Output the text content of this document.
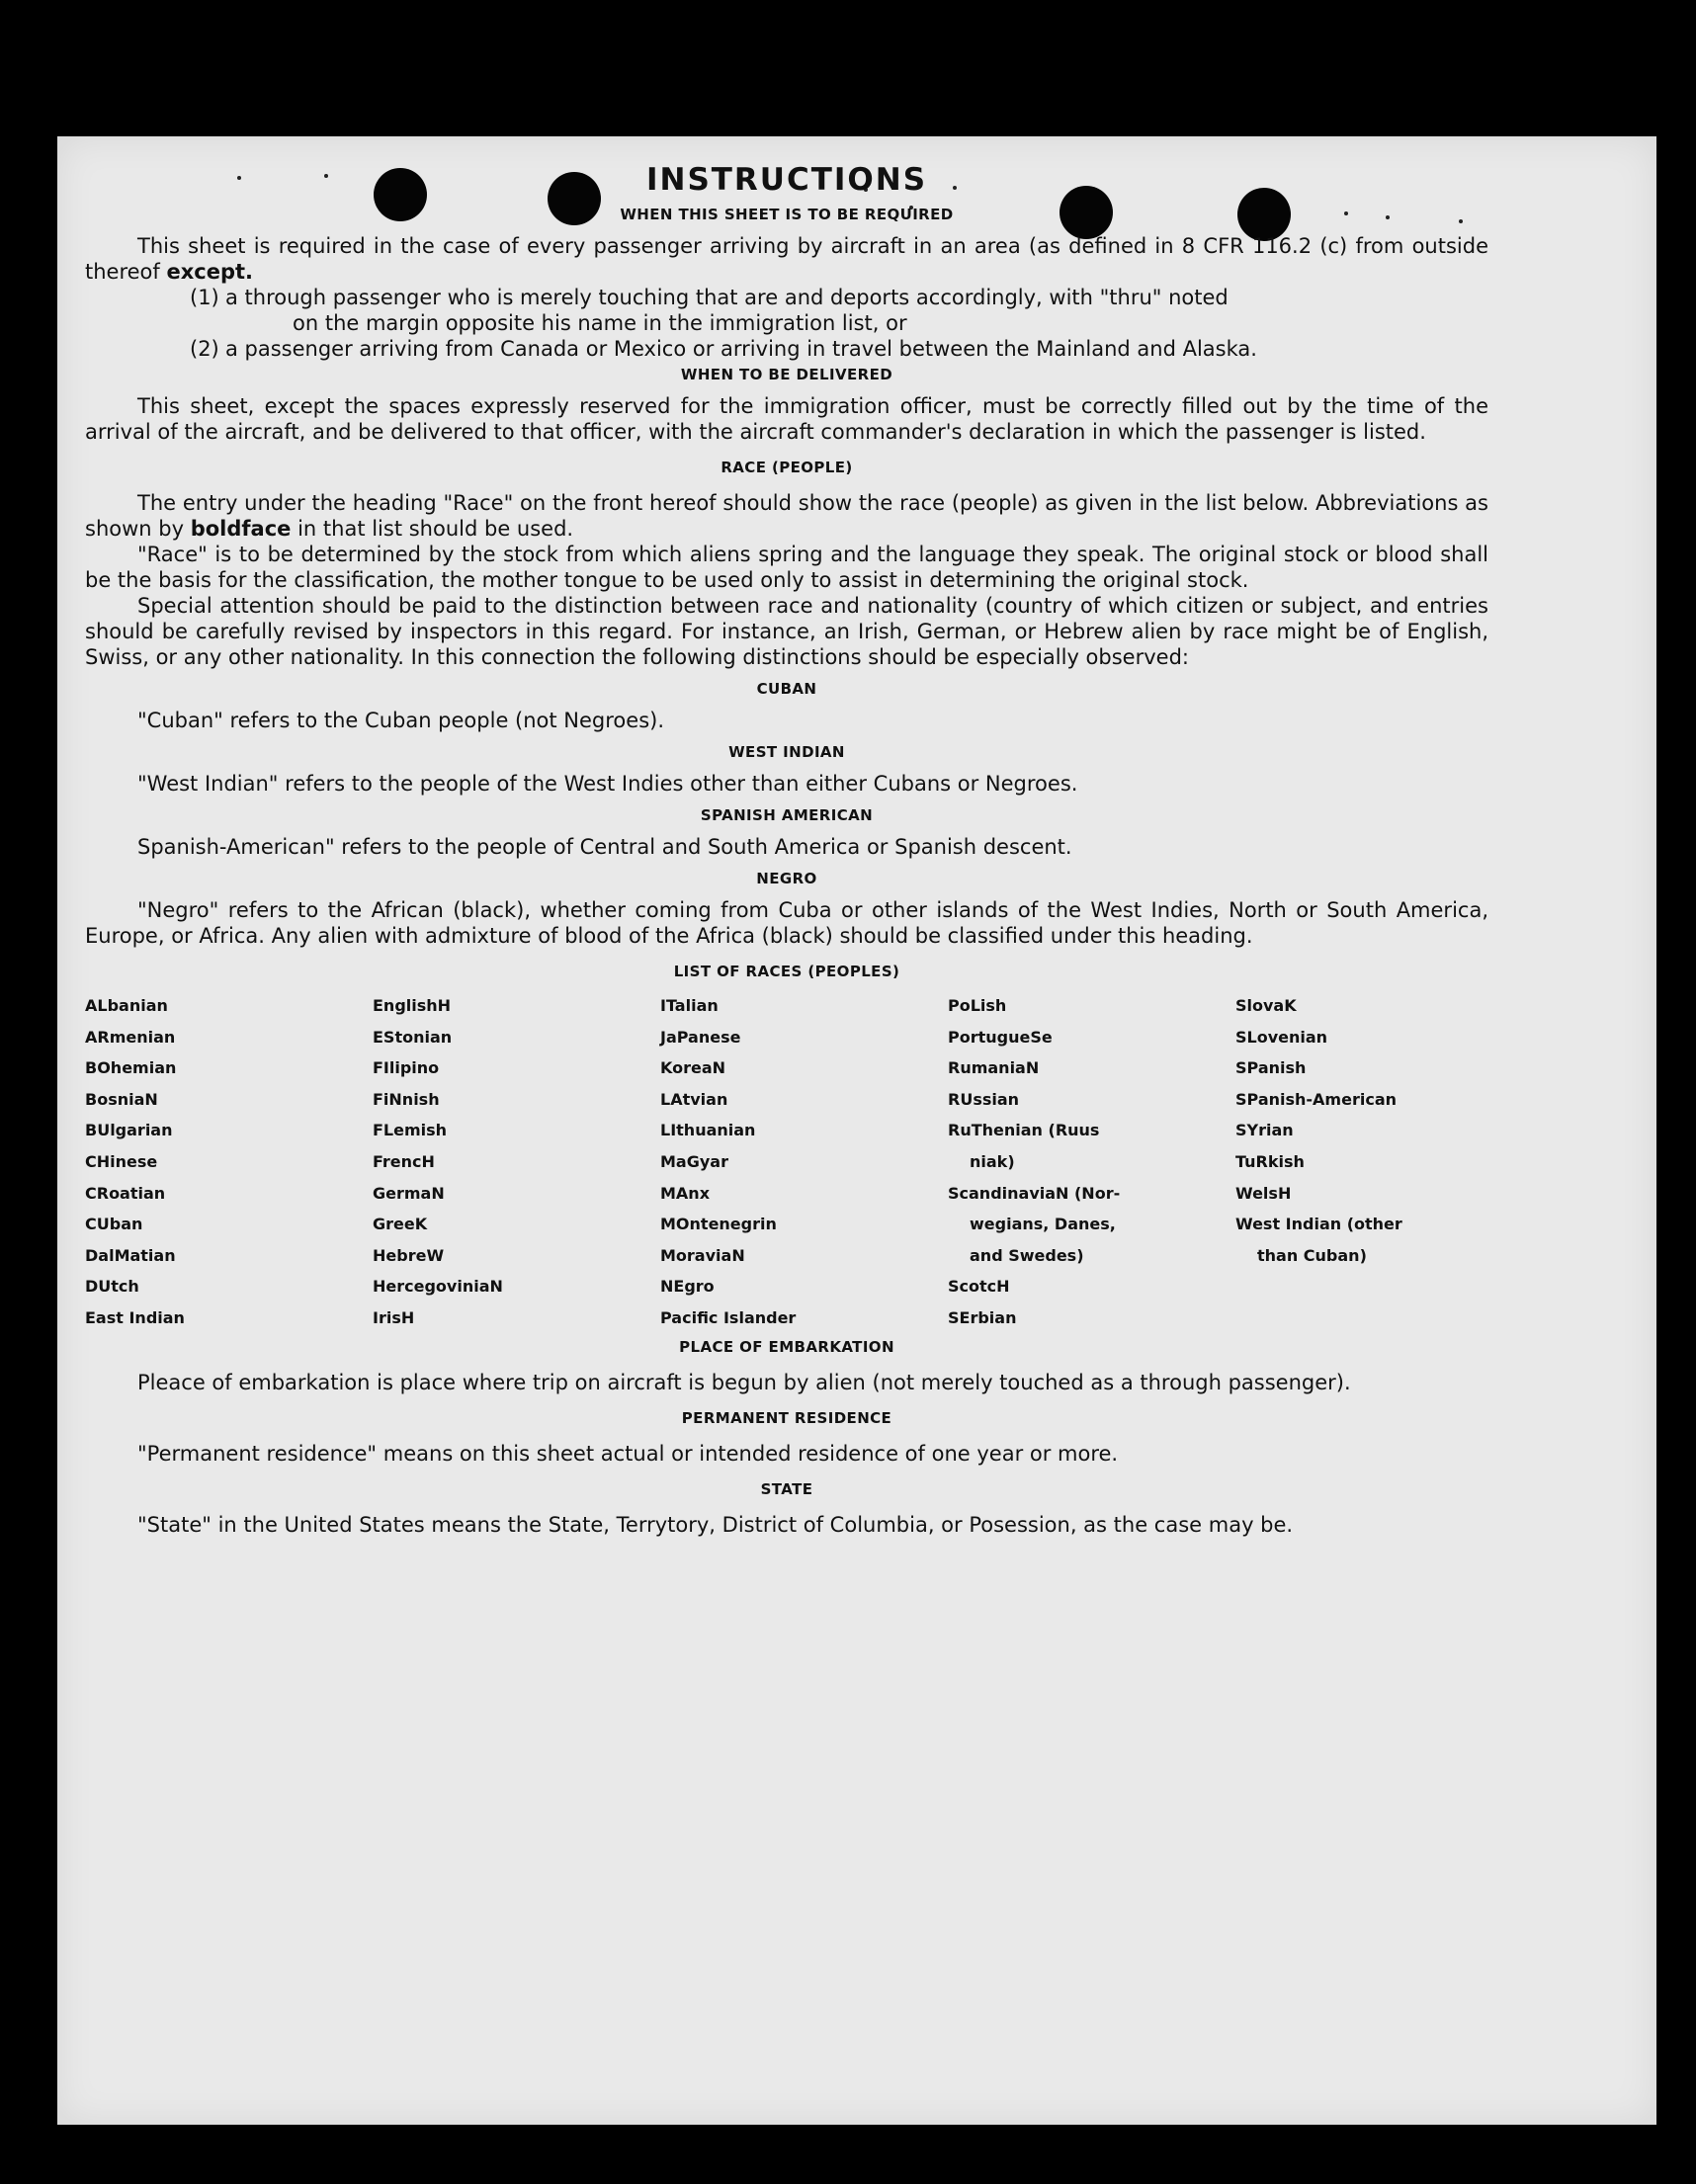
INSTRUCTIONS
WHEN THIS SHEET IS TO BE REQUIRED

This sheet is required in the case of every passenger arriving by aircraft in an area (as defined in 8 CFR 116.2 (c) from outside thereof except.

(1) a through passenger who is merely touching that are and deports accordingly, with "thru" noted

on the margin opposite his name in the immigration list, or

(2) a passenger arriving from Canada or Mexico or arriving in travel between the Mainland and Alaska.

WHEN TO BE DELIVERED

This sheet, except the spaces expressly reserved for the immigration officer, must be correctly filled out by the time of the arrival of the aircraft, and be delivered to that officer, with the aircraft commander's declaration in which the passenger is listed.

RACE (PEOPLE)

The entry under the heading "Race" on the front hereof should show the race (people) as given in the list below. Abbreviations as shown by boldface in that list should be used.

"Race" is to be determined by the stock from which aliens spring and the language they speak. The original stock or blood shall be the basis for the classification, the mother tongue to be used only to assist in determining the original stock.

Special attention should be paid to the distinction between race and nationality (country of which citizen or subject, and entries should be carefully revised by inspectors in this regard. For instance, an Irish, German, or Hebrew alien by race might be of English, Swiss, or any other nationality. In this connection the following distinctions should be especially observed:

CUBAN

"Cuban" refers to the Cuban people (not Negroes).

WEST INDIAN

"West Indian" refers to the people of the West Indies other than either Cubans or Negroes.

SPANISH AMERICAN

Spanish-American" refers to the people of Central and South America or Spanish descent.

NEGRO

"Negro" refers to the African (black), whether coming from Cuba or other islands of the West Indies, North or South America, Europe, or Africa. Any alien with admixture of blood of the Africa (black) should be classified under this heading.

LIST OF RACES (PEOPLES)
ALbanian
ARmenian
BOhemian
BosniaN
BUlgarian
CHinese
CRoatian
CUban
DalMatian
DUtch
East Indian
EnglishH
EStonian
FIlipino
FiNnish
FLemish
FrencH
GermaN
GreeK
HebreW
HercegoviniaN
IrisH
ITalian
JaPanese
KoreaN
LAtvian
LIthuanian
MaGyar
MAnx
MOntenegrin
MoraviaN
NEgro
Pacific Islander
PoLish
PortugueSe
RumaniaN
RUssian
RuThenian (Ruus
niak)
ScandinaviaN (Nor-
wegians, Danes,
and Swedes)
ScotcH
SErbian
SlovaK
SLovenian
SPanish
SPanish-American
SYrian
TuRkish
WelsH
West Indian (other
than Cuban)
PLACE OF EMBARKATION

Pleace of embarkation is place where trip on aircraft is begun by alien (not merely touched as a through passenger).

PERMANENT RESIDENCE

"Permanent residence" means on this sheet actual or intended residence of one year or more.

STATE

"State" in the United States means the State, Terrytory, District of Columbia, or Posession, as the case may be.
